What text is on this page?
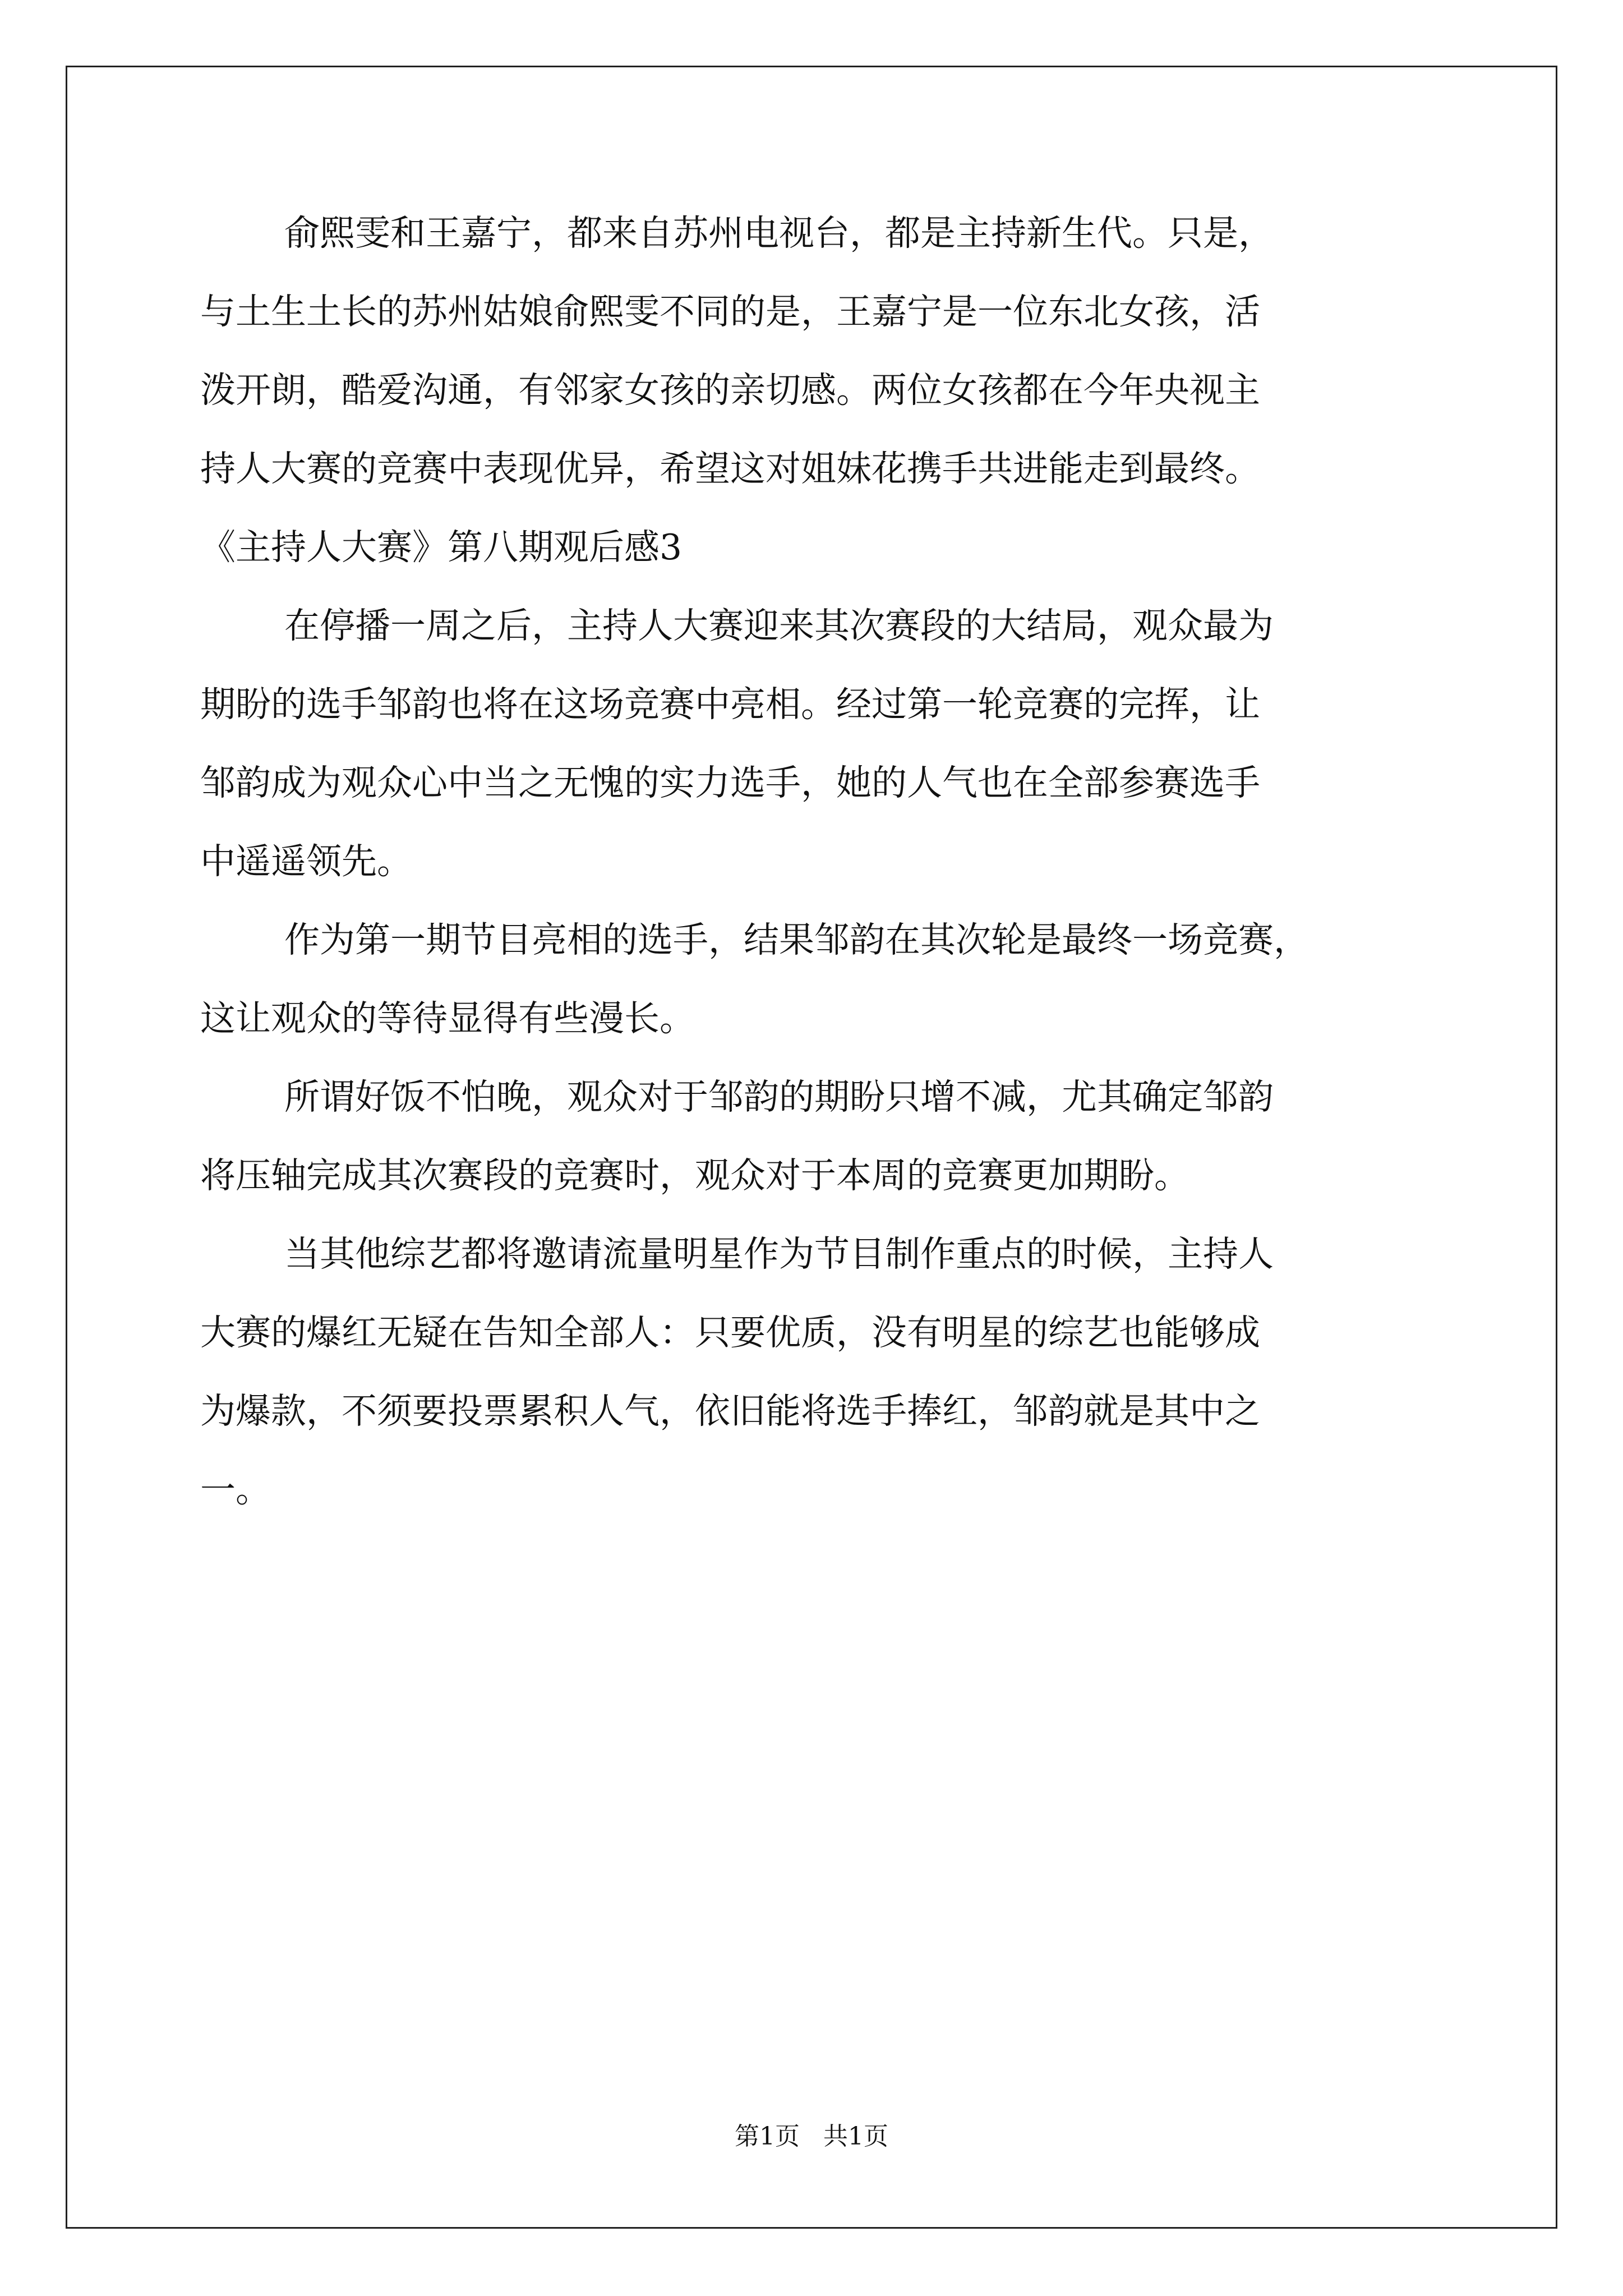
俞熙雯和王嘉宁，都来自苏州电视台，都是主持新生代。只是，
与土生土长的苏州姑娘俞熙雯不同的是，王嘉宁是一位东北女孩，活
泼开朗，酷爱沟通，有邻家女孩的亲切感。两位女孩都在今年央视主
持人大赛的竞赛中表现优异，希望这对姐妹花携手共进能走到最终。
《主持人大赛》第八期观后感3
在停播一周之后，主持人大赛迎来其次赛段的大结局，观众最为
期盼的选手邹韵也将在这场竞赛中亮相。经过第一轮竞赛的完挥，让
邹韵成为观众心中当之无愧的实力选手，她的人气也在全部参赛选手
中遥遥领先。
作为第一期节目亮相的选手，结果邹韵在其次轮是最终一场竞赛，
这让观众的等待显得有些漫长。
所谓好饭不怕晚，观众对于邹韵的期盼只增不减，尤其确定邹韵
将压轴完成其次赛段的竞赛时，观众对于本周的竞赛更加期盼。
当其他综艺都将邀请流量明星作为节目制作重点的时候，主持人
大赛的爆红无疑在告知全部人：只要优质，没有明星的综艺也能够成
为爆款，不须要投票累积人气，依旧能将选手捧红，邹韵就是其中之
一。
第1页   共1页
